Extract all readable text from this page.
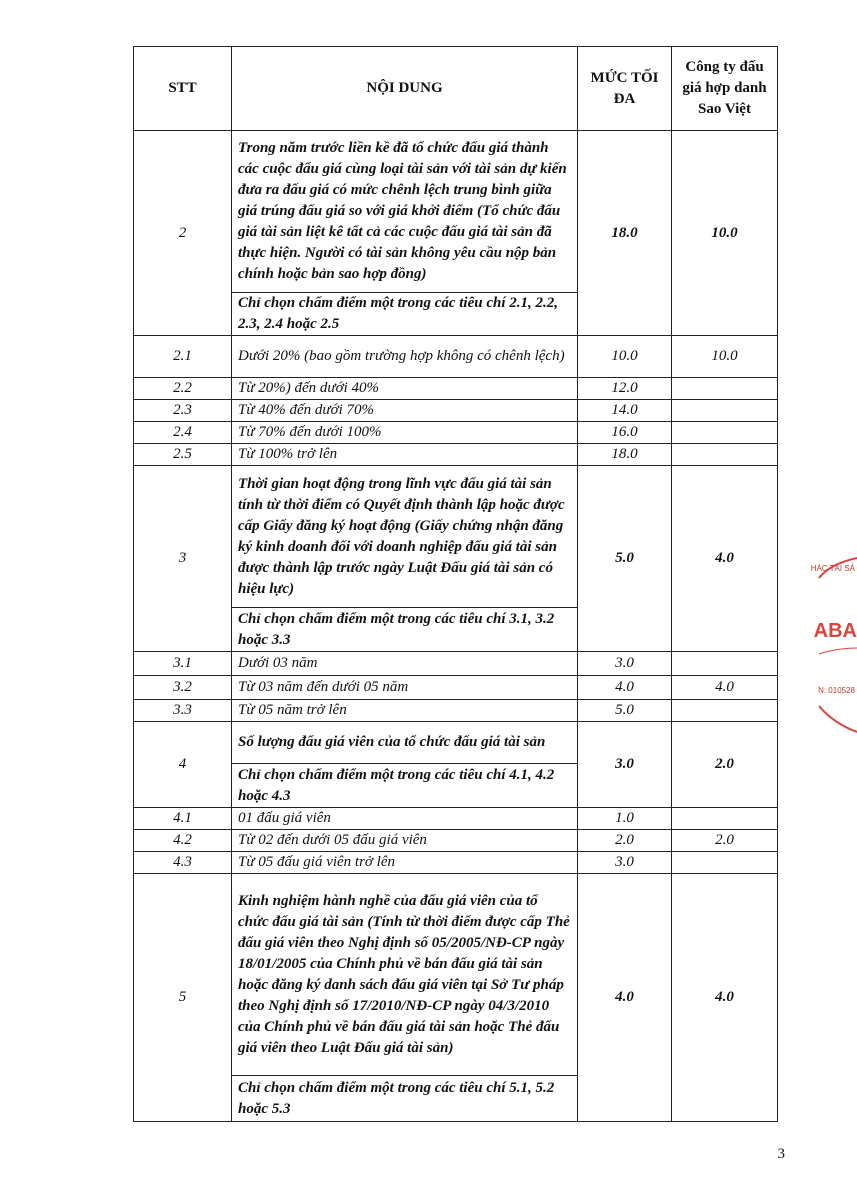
STT	NỘI DUNG	MỨC TỐI ĐA	Công ty đấu giá hợp danh Sao Việt
2	Trong năm trước liền kề đã tổ chức đấu giá thành các cuộc đấu giá cùng loại tài sản với tài sản dự kiến đưa ra đấu giá có mức chênh lệch trung bình giữa giá trúng đấu giá so với giá khởi điểm (Tổ chức đấu giá tài sản liệt kê tất cả các cuộc đấu giá tài sản đã thực hiện. Người có tài sản không yêu cầu nộp bản chính hoặc bản sao hợp đồng)	18.0	10.0
	Chỉ chọn chấm điểm một trong các tiêu chí 2.1, 2.2, 2.3, 2.4 hoặc 2.5		
2.1	Dưới 20% (bao gồm trường hợp không có chênh lệch)	10.0	10.0
2.2	Từ 20%) đến dưới 40%	12.0	
2.3	Từ 40% đến dưới 70%	14.0	
2.4	Từ 70% đến dưới 100%	16.0	
2.5	Từ 100% trở lên	18.0	
3	Thời gian hoạt động trong lĩnh vực đấu giá tài sản tính từ thời điểm có Quyết định thành lập hoặc được cấp Giấy đăng ký hoạt động (Giấy chứng nhận đăng ký kinh doanh đối với doanh nghiệp đấu giá tài sản được thành lập trước ngày Luật Đấu giá tài sản có hiệu lực)	5.0	4.0
	Chỉ chọn chấm điểm một trong các tiêu chí 3.1, 3.2 hoặc 3.3		
3.1	Dưới 03 năm	3.0	
3.2	Từ 03 năm đến dưới 05 năm	4.0	4.0
3.3	Từ 05 năm trở lên	5.0	
4	Số lượng đấu giá viên của tổ chức đấu giá tài sản	3.0	2.0
	Chỉ chọn chấm điểm một trong các tiêu chí 4.1, 4.2 hoặc 4.3		
4.1	01 đấu giá viên	1.0	
4.2	Từ 02 đến dưới 05 đấu giá viên	2.0	2.0
4.3	Từ 05 đấu giá viên trở lên	3.0	
5	Kinh nghiệm hành nghề của đấu giá viên của tổ chức đấu giá tài sản (Tính từ thời điểm được cấp Thẻ đấu giá viên theo Nghị định số 05/2005/NĐ-CP ngày 18/01/2005 của Chính phủ về bán đấu giá tài sản hoặc đăng ký danh sách đấu giá viên tại Sở Tư pháp theo Nghị định số 17/2010/NĐ-CP ngày 04/3/2010 của Chính phủ về bán đấu giá tài sản hoặc Thẻ đấu giá viên theo Luật Đấu giá tài sản)	4.0	4.0
	Chỉ chọn chấm điểm một trong các tiêu chí 5.1, 5.2 hoặc 5.3		
HÁC TÀI SẢ
ABA
N: 010528
3
